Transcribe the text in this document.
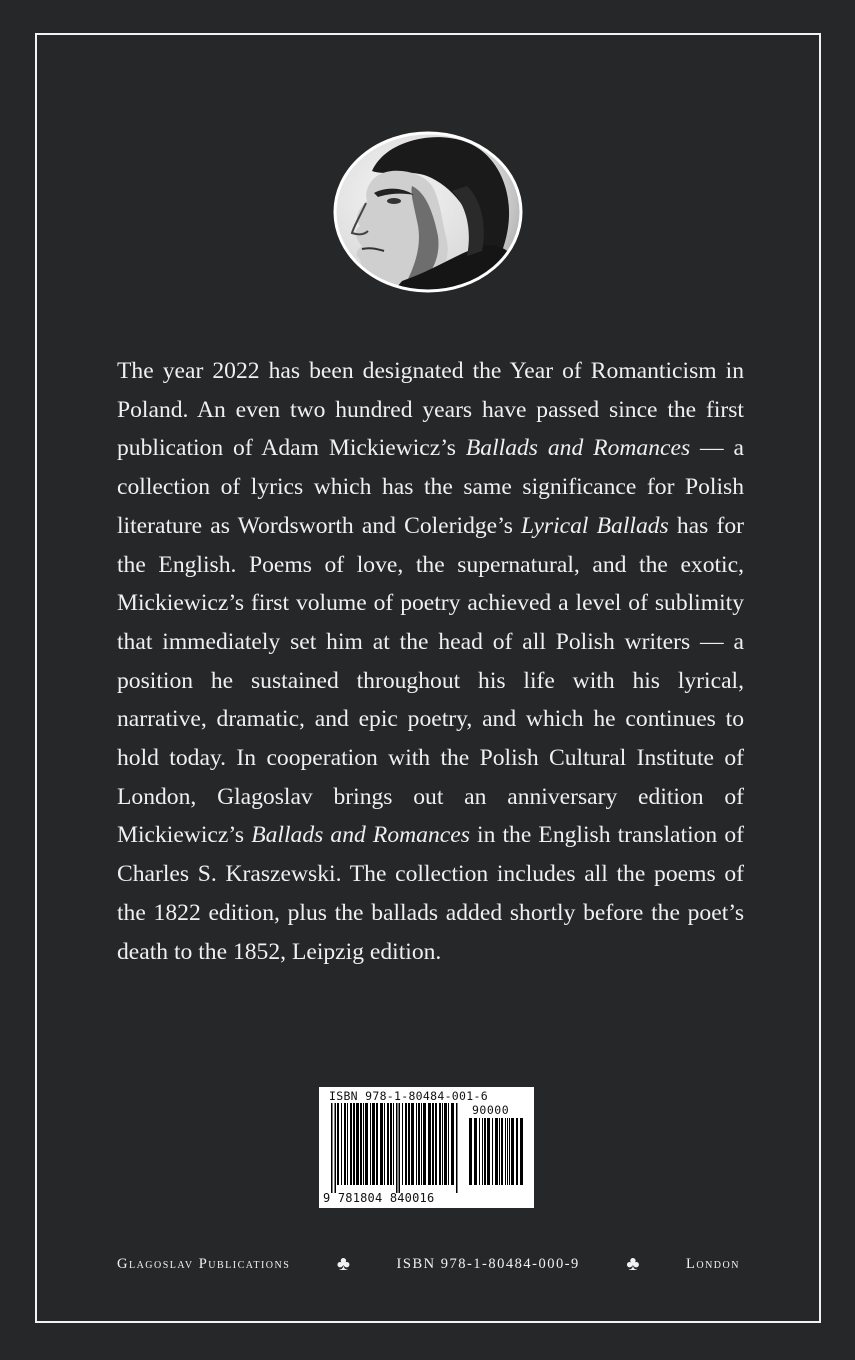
The year 2022 has been designated the Year of Romanticism in Poland. An even two hundred years have passed since the first publication of Adam Mickiewicz’s Ballads and Romances — a collection of lyrics which has the same significance for Polish literature as Wordsworth and Coleridge’s Lyrical Ballads has for the English. Poems of love, the supernatural, and the exotic, Mickiewicz’s first volume of poetry achieved a level of sublimity that immediately set him at the head of all Polish writers — a position he sustained throughout his life with his lyrical, narrative, dramatic, and epic poetry, and which he continues to hold today. In cooperation with the Polish Cultural Institute of London, Glagoslav brings out an anniversary edition of Mickiewicz’s Ballads and Romances in the English translation of Charles S. Kraszewski. The collection includes all the poems of the 1822 edition, plus the ballads added shortly before the poet’s death to the 1852, Leipzig edition.

ISBN 978-1-80484-001-6
90000
9 781804 840016
Glagoslav Publications ♣	ISBN 978-1-80484-000-9 ♣	London
